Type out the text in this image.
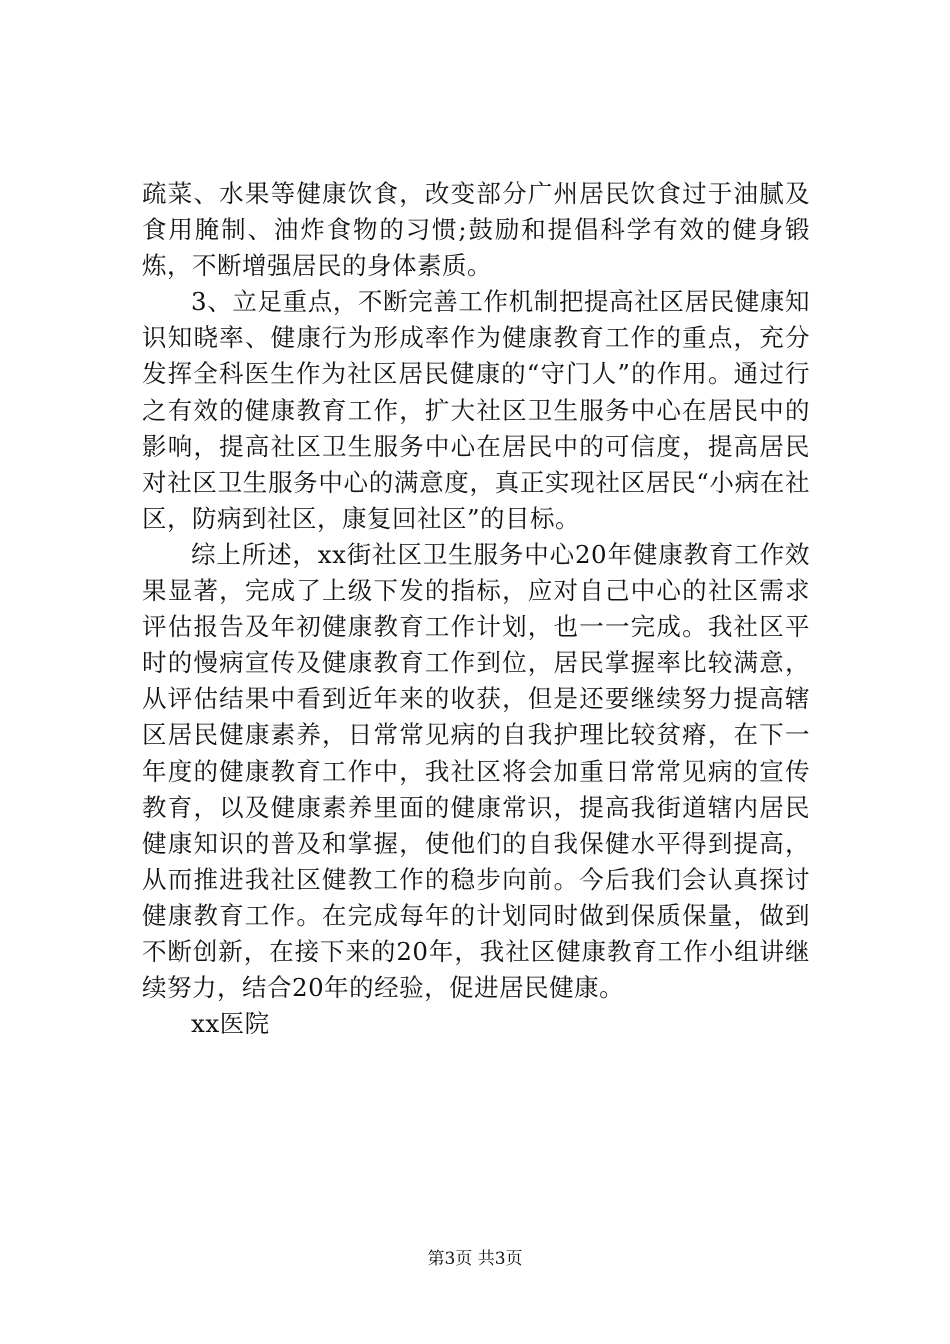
疏菜、水果等健康饮食，改变部分广州居民饮食过于油腻及食用腌制、油炸食物的习惯;鼓励和提倡科学有效的健身锻炼，不断增强居民的身体素质。

3、立足重点，不断完善工作机制把提高社区居民健康知识知晓率、健康行为形成率作为健康教育工作的重点，充分发挥全科医生作为社区居民健康的“守门人”的作用。通过行之有效的健康教育工作，扩大社区卫生服务中心在居民中的影响，提高社区卫生服务中心在居民中的可信度，提高居民对社区卫生服务中心的满意度，真正实现社区居民“小病在社区，防病到社区，康复回社区”的目标。

综上所述，xx街社区卫生服务中心20年健康教育工作效果显著，完成了上级下发的指标，应对自己中心的社区需求评估报告及年初健康教育工作计划，也一一完成。我社区平时的慢病宣传及健康教育工作到位，居民掌握率比较满意，从评估结果中看到近年来的收获，但是还要继续努力提高辖区居民健康素养，日常常见病的自我护理比较贫瘠，在下一年度的健康教育工作中，我社区将会加重日常常见病的宣传教育，以及健康素养里面的健康常识，提高我街道辖内居民健康知识的普及和掌握，使他们的自我保健水平得到提高，从而推进我社区健教工作的稳步向前。今后我们会认真探讨健康教育工作。在完成每年的计划同时做到保质保量，做到不断创新，在接下来的20年，我社区健康教育工作小组讲继续努力，结合20年的经验，促进居民健康。

xx医院

第3页 共3页
